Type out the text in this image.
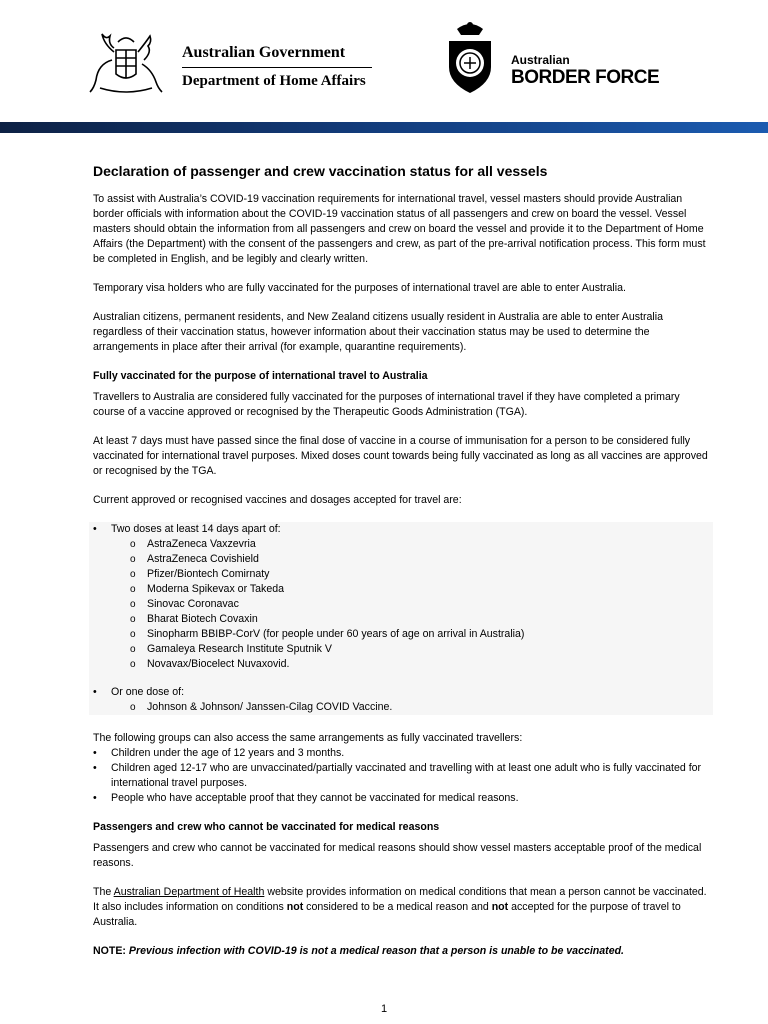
Australian Government
Department of Home Affairs
Australian
BORDER FORCE
Declaration of passenger and crew vaccination status for all vessels

To assist with Australia’s COVID-19 vaccination requirements for international travel, vessel masters should provide Australian border officials with information about the COVID-19 vaccination status of all passengers and crew on board the vessel. Vessel masters should obtain the information from all passengers and crew on board the vessel and provide it to the Department of Home Affairs (the Department) with the consent of the passengers and crew, as part of the pre-arrival notification process. This form must be completed in English, and be legibly and clearly written.

Temporary visa holders who are fully vaccinated for the purposes of international travel are able to enter Australia.

Australian citizens, permanent residents, and New Zealand citizens usually resident in Australia are able to enter Australia regardless of their vaccination status, however information about their vaccination status may be used to determine the arrangements in place after their arrival (for example, quarantine requirements).

Fully vaccinated for the purpose of international travel to Australia

Travellers to Australia are considered fully vaccinated for the purposes of international travel if they have completed a primary course of a vaccine approved or recognised by the Therapeutic Goods Administration (TGA).

At least 7 days must have passed since the final dose of vaccine in a course of immunisation for a person to be considered fully vaccinated for international travel purposes. Mixed doses count towards being fully vaccinated as long as all vaccines are approved or recognised by the TGA.

Current approved or recognised vaccines and dosages accepted for travel are:

• Two doses at least 14 days apart of:
o AstraZeneca Vaxzevria
o AstraZeneca Covishield
o Pfizer/Biontech Comirnaty
o Moderna Spikevax or Takeda
o Sinovac Coronavac
o Bharat Biotech Covaxin
o Sinopharm BBIBP-CorV (for people under 60 years of age on arrival in Australia)
o Gamaleya Research Institute Sputnik V
o Novavax/Biocelect Nuvaxovid.
• Or one dose of:
o Johnson & Johnson/ Janssen-Cilag COVID Vaccine.
The following groups can also access the same arrangements as fully vaccinated travellers:
• Children under the age of 12 years and 3 months.
• Children aged 12-17 who are unvaccinated/partially vaccinated and travelling with at least one adult who is fully vaccinated for international travel purposes.
• People who have acceptable proof that they cannot be vaccinated for medical reasons.
Passengers and crew who cannot be vaccinated for medical reasons

Passengers and crew who cannot be vaccinated for medical reasons should show vessel masters acceptable proof of the medical reasons.

The Australian Department of Health website provides information on medical conditions that mean a person cannot be vaccinated. It also includes information on conditions not considered to be a medical reason and not accepted for the purpose of travel to Australia.

NOTE: Previous infection with COVID-19 is not a medical reason that a person is unable to be vaccinated.

1
